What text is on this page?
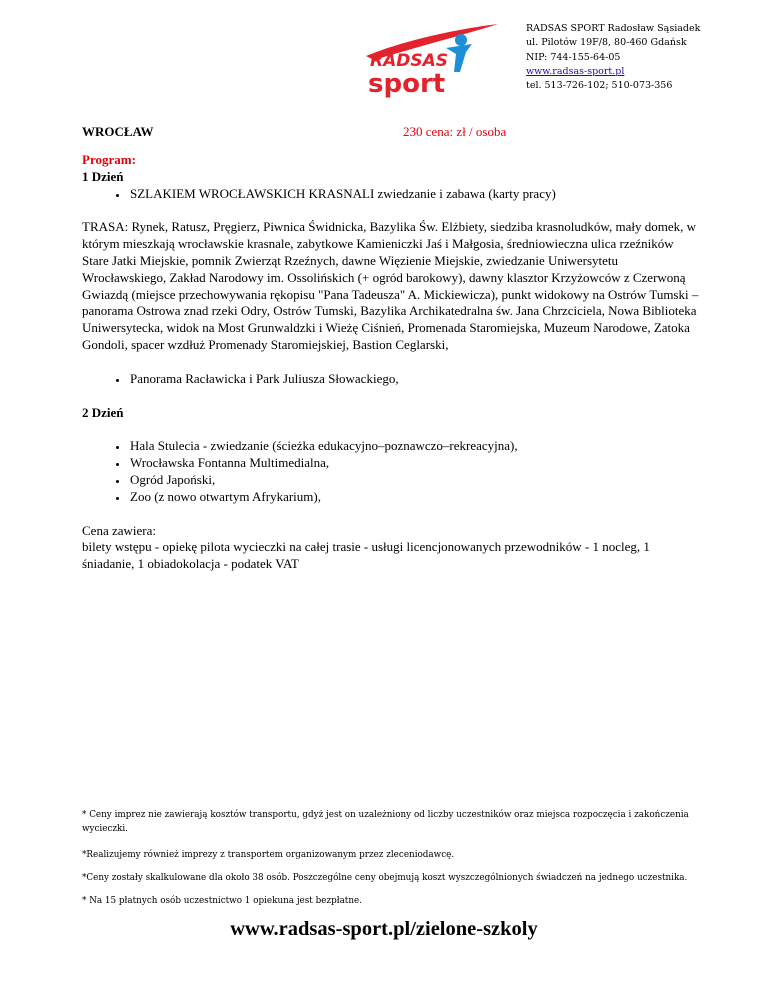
RADSAS
sport
RADSAS SPORT Radosław Sąsiadek
ul. Pilotów 19F/8, 80-460 Gdańsk
NIP: 744-155-64-05
www.radsas-sport.pl
tel. 513-726-102; 510-073-356
WROCŁAW	230 cena: zł / osoba
Program:
1 Dzień
• SZLAKIEM WROCŁAWSKICH KRASNALI zwiedzanie i zabawa (karty pracy)

TRASA: Rynek, Ratusz, Pręgierz, Piwnica Świdnicka, Bazylika Św. Elżbiety, siedziba krasnoludków, mały domek, w którym mieszkają wrocławskie krasnale, zabytkowe Kamieniczki Jaś i Małgosia, średniowieczna ulica rzeźników Stare Jatki Miejskie, pomnik Zwierząt Rzeźnych, dawne Więzienie Miejskie, zwiedzanie Uniwersytetu Wrocławskiego, Zakład Narodowy im. Ossolińskich (+ ogród barokowy), dawny klasztor Krzyżowców z Czerwoną Gwiazdą (miejsce przechowywania rękopisu "Pana Tadeusza" A. Mickiewicza), punkt widokowy na Ostrów Tumski – panorama Ostrowa znad rzeki Odry, Ostrów Tumski, Bazylika Archikatedralna św. Jana Chrzciciela, Nowa Biblioteka Uniwersytecka, widok na Most Grunwaldzki i Wieżę Ciśnień, Promenada Staromiejska, Muzeum Narodowe, Zatoka Gondoli, spacer wzdłuż Promenady Staromiejskiej, Bastion Ceglarski,

• Panorama Racławicka i Park Juliusza Słowackiego,
2 Dzień
• Hala Stulecia - zwiedzanie (ścieżka edukacyjno–poznawczo–rekreacyjna),
• Wrocławska Fontanna Multimedialna,
• Ogród Japoński,
• Zoo (z nowo otwartym Afrykarium),
Cena zawiera:

bilety wstępu - opiekę pilota wycieczki na całej trasie - usługi licencjonowanych przewodników - 1 nocleg, 1 śniadanie, 1 obiadokolacja - podatek VAT

* Ceny imprez nie zawierają kosztów transportu, gdyż jest on uzależniony od liczby uczestników oraz miejsca rozpoczęcia i zakończenia wycieczki.
*Realizujemy również imprezy z transportem organizowanym przez zleceniodawcę.
*Ceny zostały skalkulowane dla około 38 osób. Poszczególne ceny obejmują koszt wyszczególnionych świadczeń na jednego uczestnika.
* Na 15 płatnych osób uczestnictwo 1 opiekuna jest bezpłatne.
www.radsas-sport.pl/zielone-szkoly
